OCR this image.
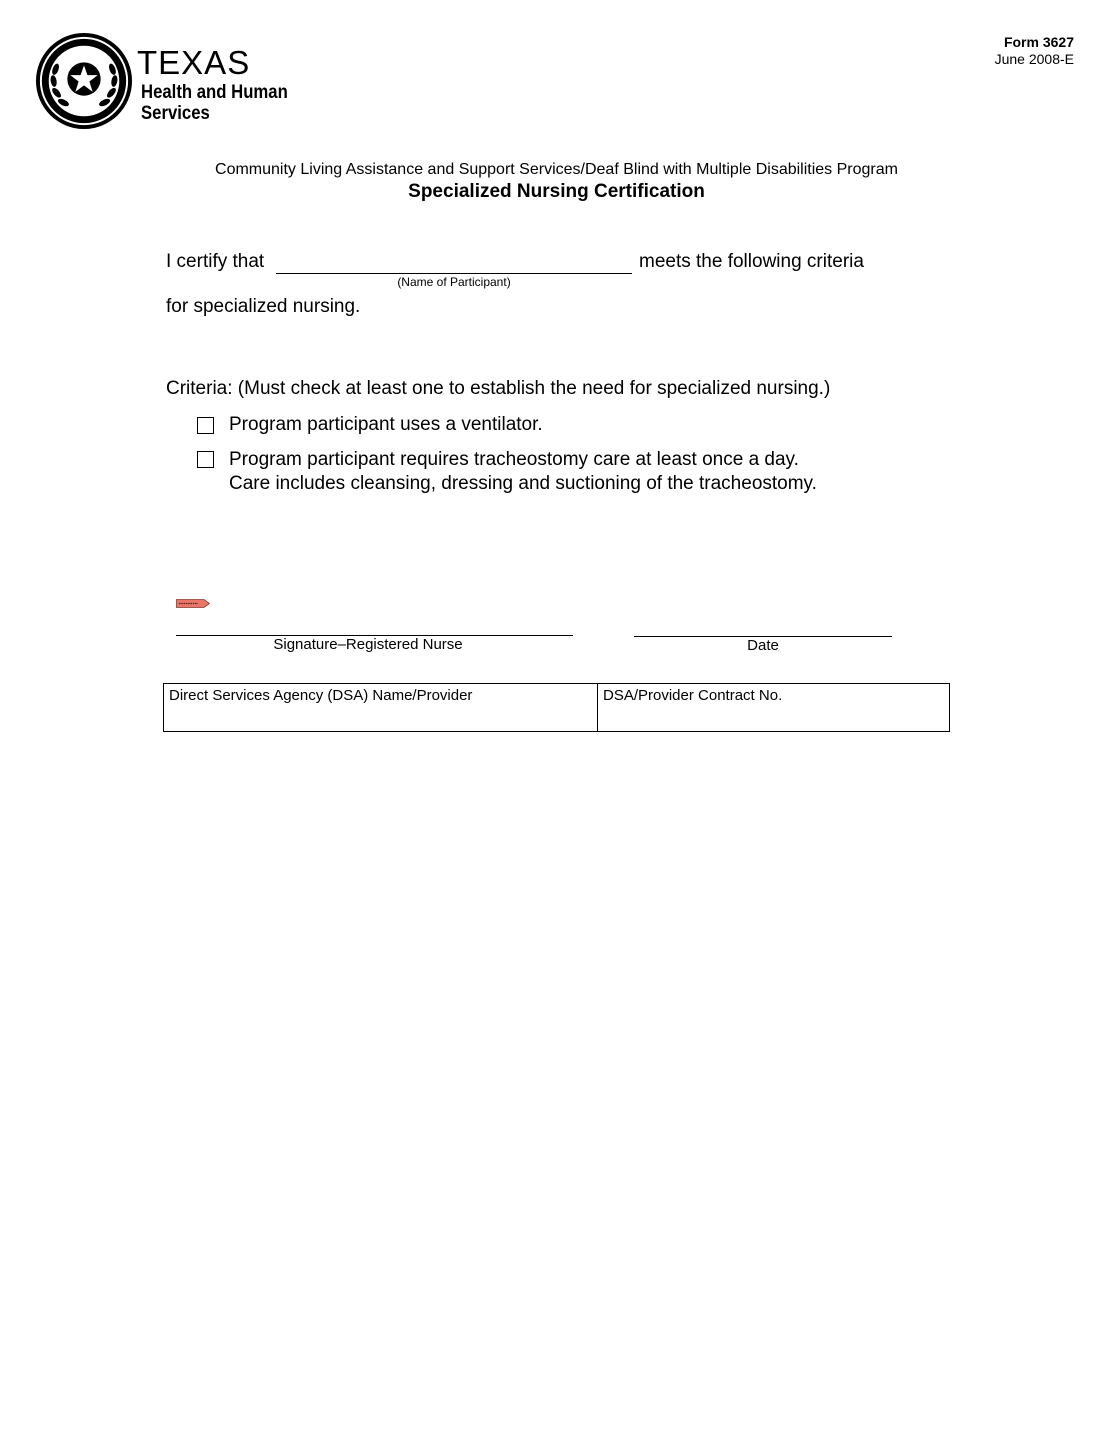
TEXAS
Health and Human
Services
Form 3627
June 2008-E
Community Living Assistance and Support Services/Deaf Blind with Multiple Disabilities Program
Specialized Nursing Certification
I certify that
(Name of Participant)
meets the following criteria
for specialized nursing.
Criteria: (Must check at least one to establish the need for specialized nursing.)
Program participant uses a ventilator.
Program participant requires tracheostomy care at least once a day.
Care includes cleansing, dressing and suctioning of the tracheostomy.
Signature–Registered Nurse	Date
Direct Services Agency (DSA) Name/Provider	DSA/Provider Contract No.
